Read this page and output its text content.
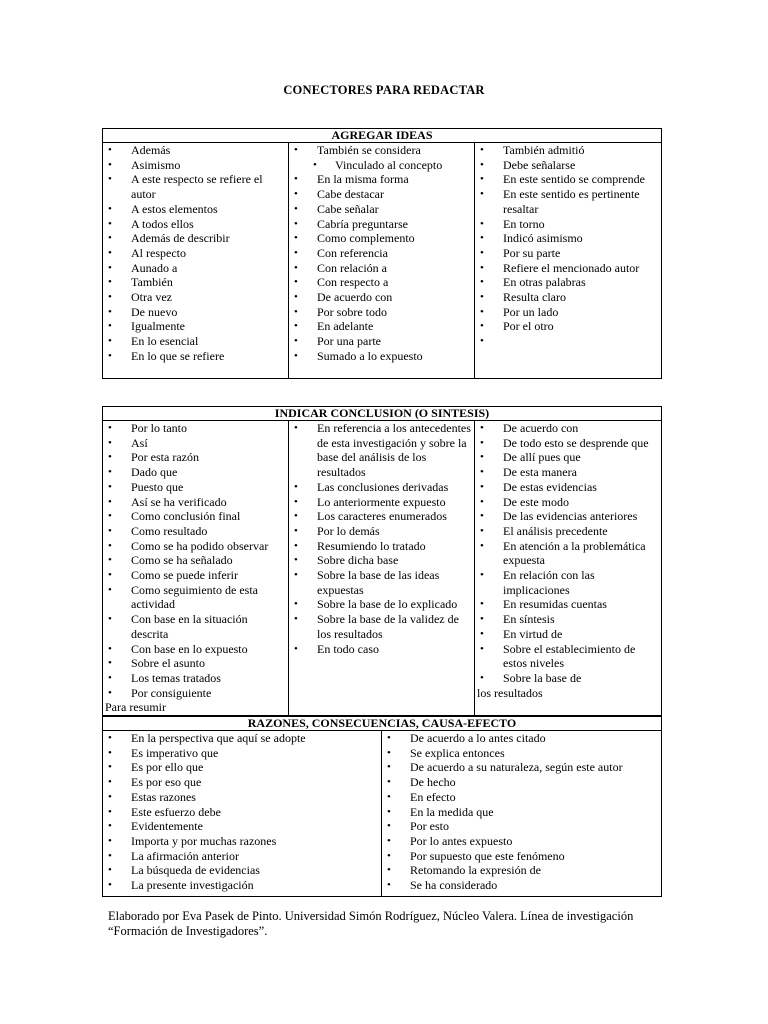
CONECTORES PARA REDACTAR
AGREGAR IDEAS

• Además
• Asimismo
• A este respecto se refiere el autor
• A estos elementos
• A todos ellos
• Además de describir
• Al respecto
• Aunado a
• También
• Otra vez
• De nuevo
• Igualmente
• En lo esencial
• En lo que se refiere

• También se considera
• Vinculado al concepto
• En la misma forma
• Cabe destacar
• Cabe señalar
• Cabría preguntarse
• Como complemento
• Con referencia
• Con relación a
• Con respecto a
• De acuerdo con
• Por sobre todo
• En adelante
• Por una parte
• Sumado a lo expuesto

• También admitió
• Debe señalarse
• En este sentido se comprende
• En este sentido es pertinente resaltar
• En torno
• Indicó asimismo
• Por su parte
• Refiere el mencionado autor
• En otras palabras
• Resulta claro
• Por un lado
• Por el otro
INDICAR CONCLUSION (O SINTESIS)

• Por lo tanto
• Así
• Por esta razón
• Dado que
• Puesto que
• Así se ha verificado
• Como conclusión final
• Como resultado
• Como se ha podido observar
• Como se ha señalado
• Como se puede inferir
• Como seguimiento de esta actividad
• Con base en la situación descrita
• Con base en lo expuesto
• Sobre el asunto
• Los temas tratados
• Por consiguiente
Para resumir

• En referencia a los antecedentes de esta investigación y sobre la base del análisis de los resultados
• Las conclusiones derivadas
• Lo anteriormente expuesto
• Los caracteres enumerados
• Por lo demás
• Resumiendo lo tratado
• Sobre dicha base
• Sobre la base de las ideas expuestas
• Sobre la base de lo explicado
• Sobre la base de la validez de los resultados
• En todo caso

• De acuerdo con
• De todo esto se desprende que
• De allí pues que
• De esta manera
• De estas evidencias
• De este modo
• De las evidencias anteriores
• El análisis precedente
• En atención a la problemática expuesta
• En relación con las implicaciones
• En resumidas cuentas
• En síntesis
• En virtud de
• Sobre el establecimiento de estos niveles
• Sobre la base de
los resultados
RAZONES, CONSECUENCIAS, CAUSA-EFECTO

• En la perspectiva que aquí se adopte
• Es imperativo que
• Es por ello que
• Es por eso que
• Estas razones
• Este esfuerzo debe
• Evidentemente
• Importa y por muchas razones
• La afirmación anterior
• La búsqueda de evidencias
• La presente investigación

• De acuerdo a lo antes citado
• Se explica entonces
• De acuerdo a su naturaleza, según este autor
• De hecho
• En efecto
• En la medida que
• Por esto
• Por lo antes expuesto
• Por supuesto que este fenómeno
• Retomando la expresión de
• Se ha considerado
Elaborado por Eva Pasek de Pinto. Universidad Simón Rodríguez, Núcleo Valera. Línea de investigación
“Formación de Investigadores”.
